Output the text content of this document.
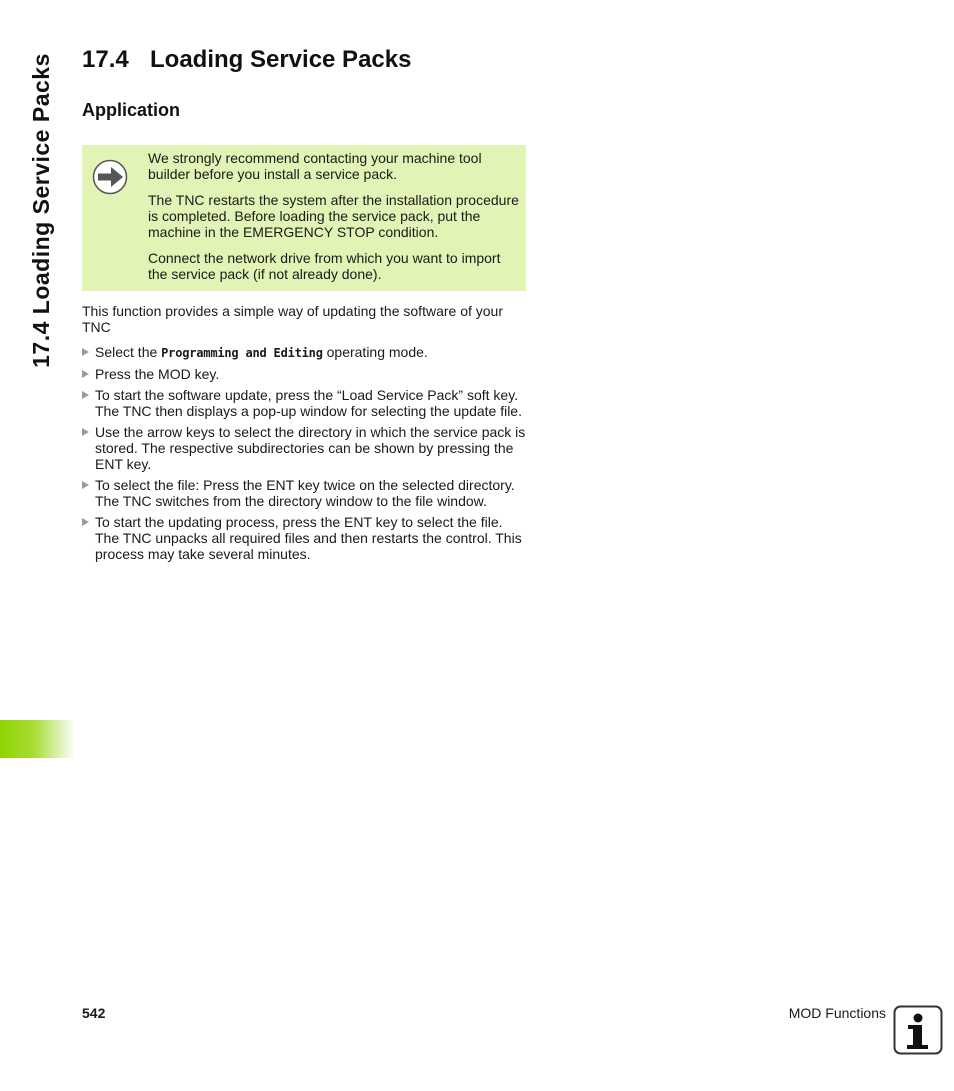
17.4 Loading Service Packs 17.4 Loading Service Packs
Application

We strongly recommend contacting your machine tool builder before you install a service pack.

The TNC restarts the system after the installation procedure is completed. Before loading the service pack, put the machine in the EMERGENCY STOP condition.

Connect the network drive from which you want to import the service pack (if not already done).

This function provides a simple way of updating the software of your TNC

Select the Programming and Editing operating mode.
Press the MOD key.
To start the software update, press the “Load Service Pack” soft key. The TNC then displays a pop-up window for selecting the update file.
Use the arrow keys to select the directory in which the service pack is stored. The respective subdirectories can be shown by pressing the ENT key.
To select the file: Press the ENT key twice on the selected directory. The TNC switches from the directory window to the file window.
To start the updating process, press the ENT key to select the file. The TNC unpacks all required files and then restarts the control. This process may take several minutes.
542	MOD Functions
